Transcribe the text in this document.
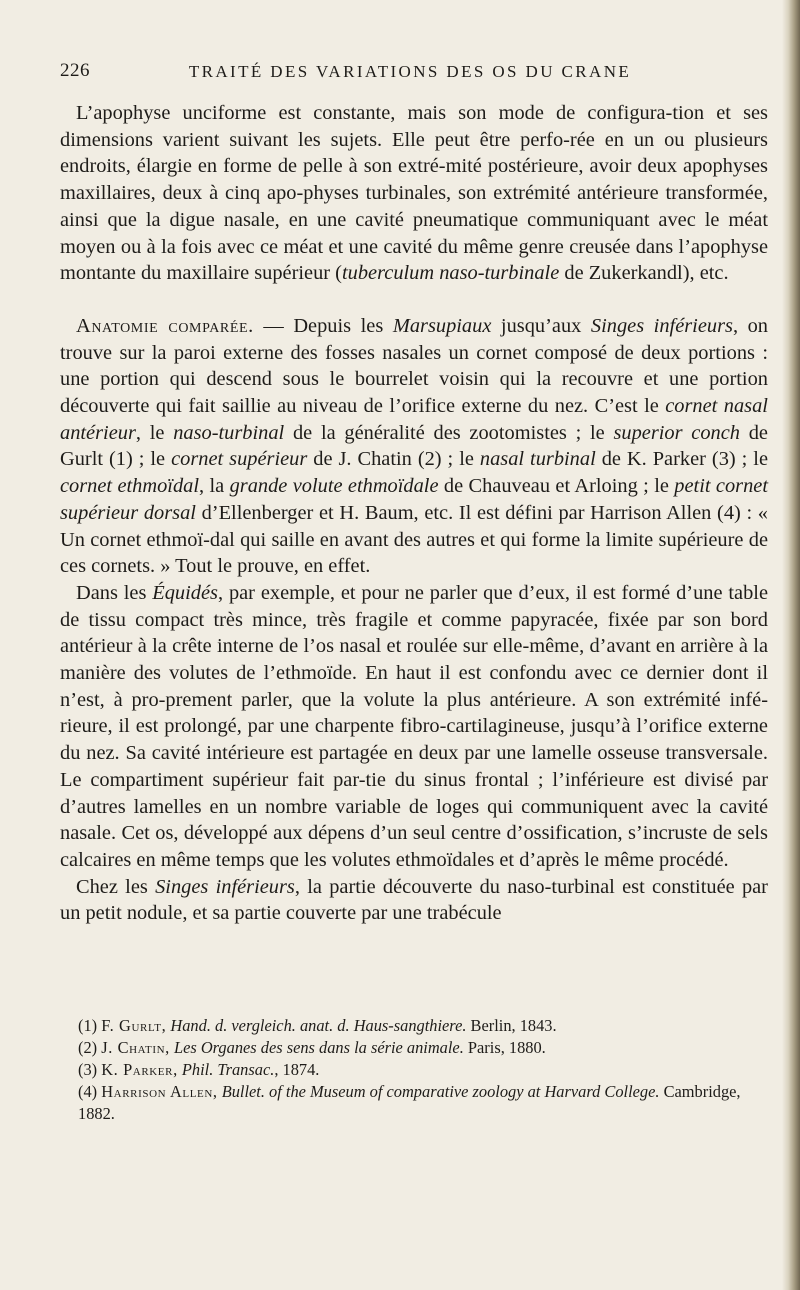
226	TRAITÉ DES VARIATIONS DES OS DU CRANE

L’apophyse unciforme est constante, mais son mode de configura-tion et ses dimensions varient suivant les sujets. Elle peut être perfo-rée en un ou plusieurs endroits, élargie en forme de pelle à son extré-mité postérieure, avoir deux apophyses maxillaires, deux à cinq apo-physes turbinales, son extrémité antérieure transformée, ainsi que la digue nasale, en une cavité pneumatique communiquant avec le méat moyen ou à la fois avec ce méat et une cavité du même genre creusée dans l’apophyse montante du maxillaire supérieur (tuberculum naso-turbinale de Zukerkandl), etc.

Anatomie comparée. — Depuis les Marsupiaux jusqu’aux Singes inférieurs, on trouve sur la paroi externe des fosses nasales un cornet composé de deux portions : une portion qui descend sous le bourrelet voisin qui la recouvre et une portion découverte qui fait saillie au niveau de l’orifice externe du nez. C’est le cornet nasal antérieur, le naso-turbinal de la généralité des zootomistes ; le superior conch de Gurlt (1) ; le cornet supérieur de J. Chatin (2) ; le nasal turbinal de K. Parker (3) ; le cornet ethmoïdal, la grande volute ethmoïdale de Chauveau et Arloing ; le petit cornet supérieur dorsal d’Ellenberger et H. Baum, etc. Il est défini par Harrison Allen (4) : « Un cornet ethmoï-dal qui saille en avant des autres et qui forme la limite supérieure de ces cornets. » Tout le prouve, en effet.

Dans les Équidés, par exemple, et pour ne parler que d’eux, il est formé d’une table de tissu compact très mince, très fragile et comme papyracée, fixée par son bord antérieur à la crête interne de l’os nasal et roulée sur elle-même, d’avant en arrière à la manière des volutes de l’ethmoïde. En haut il est confondu avec ce dernier dont il n’est, à pro-prement parler, que la volute la plus antérieure. A son extrémité infé-rieure, il est prolongé, par une charpente fibro-cartilagineuse, jusqu’à l’orifice externe du nez. Sa cavité intérieure est partagée en deux par une lamelle osseuse transversale. Le compartiment supérieur fait par-tie du sinus frontal ; l’inférieure est divisé par d’autres lamelles en un nombre variable de loges qui communiquent avec la cavité nasale. Cet os, développé aux dépens d’un seul centre d’ossification, s’incruste de sels calcaires en même temps que les volutes ethmoïdales et d’après le même procédé.

Chez les Singes inférieurs, la partie découverte du naso-turbinal est constituée par un petit nodule, et sa partie couverte par une trabécule

(1) F. Gurlt, Hand. d. vergleich. anat. d. Haus-sangthiere. Berlin, 1843.

(2) J. Chatin, Les Organes des sens dans la série animale. Paris, 1880.

(3) K. Parker, Phil. Transac., 1874.

(4) Harrison Allen, Bullet. of the Museum of comparative zoology at Harvard College. Cambridge, 1882.
